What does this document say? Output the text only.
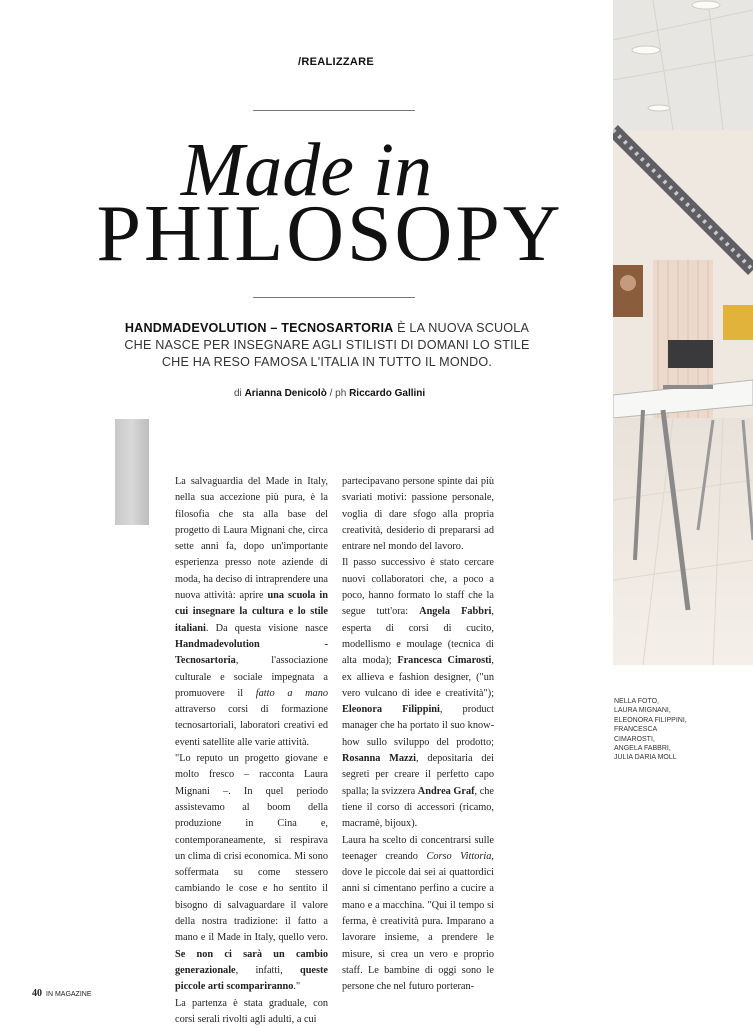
/REALIZZARE
Made in
PHILOSOPY
HANDMADEVOLUTION – TECNOSARTORIA È LA NUOVA SCUOLA CHE NASCE PER INSEGNARE AGLI STILISTI DI DOMANI LO STILE CHE HA RESO FAMOSA L'ITALIA IN TUTTO IL MONDO.
di Arianna Denicolò / ph Riccardo Gallini

La salvaguardia del Made in Italy, nella sua accezione più pura, è la filosofia che sta alla base del progetto di Laura Mignani che, circa sette anni fa, dopo un'importante esperienza presso note aziende di moda, ha deciso di intraprendere una nuova attività: aprire una scuola in cui insegnare la cultura e lo stile italiani. Da questa visione nasce Handmadevolution - Tecnosartoria, l'associazione culturale e sociale impegnata a promuovere il fatto a mano attraverso corsi di formazione tecnosartoriali, laboratori creativi ed eventi satellite alle varie attività.

"Lo reputo un progetto giovane e molto fresco – racconta Laura Mignani –. In quel periodo assistevamo al boom della produzione in Cina e, contemporaneamente, si respirava un clima di crisi economica. Mi sono soffermata su come stessero cambiando le cose e ho sentito il bisogno di salvaguardare il valore della nostra tradizione: il fatto a mano e il Made in Italy, quello vero. Se non ci sarà un cambio generazionale, infatti, queste piccole arti scompariranno."

La partenza è stata graduale, con corsi serali rivolti agli adulti, a cui

partecipavano persone spinte dai più svariati motivi: passione personale, voglia di dare sfogo alla propria creatività, desiderio di prepararsi ad entrare nel mondo del lavoro.

Il passo successivo è stato cercare nuovi collaboratori che, a poco a poco, hanno formato lo staff che la segue tutt'ora: Angela Fabbri, esperta di corsi di cucito, modellismo e moulage (tecnica di alta moda); Francesca Cimarosti, ex allieva e fashion designer, ("un vero vulcano di idee e creatività"); Eleonora Filippini, product manager che ha portato il suo know-how sullo sviluppo del prodotto; Rosanna Mazzi, depositaria dei segreti per creare il perfetto capo spalla; la svizzera Andrea Graf, che tiene il corso di accessori (ricamo, macramè, bijoux).

Laura ha scelto di concentrarsi sulle teenager creando Corso Vittoria, dove le piccole dai sei ai quattordici anni si cimentano perfino a cucire a mano e a macchina. "Qui il tempo si ferma, è creatività pura. Imparano a lavorare insieme, a prendere le misure, si crea un vero e proprio staff. Le bambine di oggi sono le persone che nel futuro porteran-

NELLA FOTO,
LAURA MIGNANI,
ELEONORA FILIPPINI,
FRANCESCA
CIMAROSTI,
ANGELA FABBRI,
JULIA DARIA MOLL
40 IN MAGAZINE
